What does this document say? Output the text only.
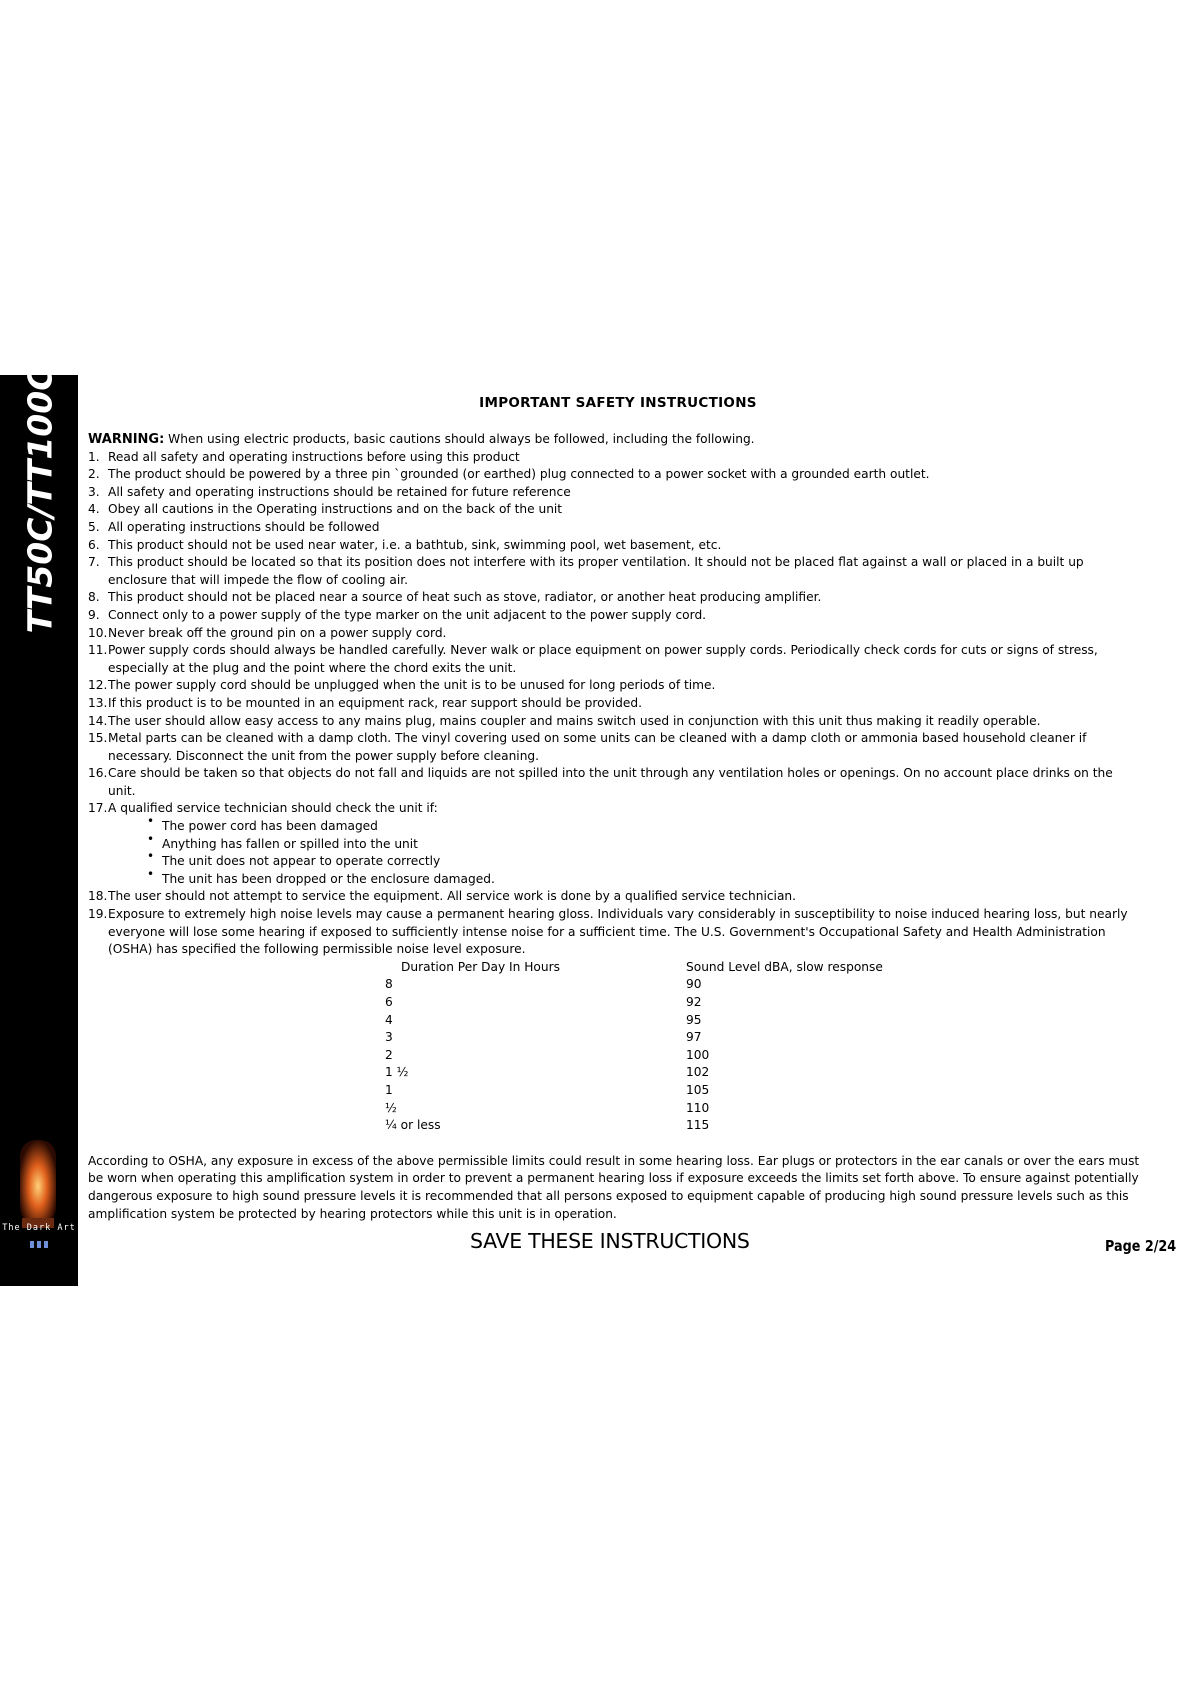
TT50C/TT100C
The Dark Art
IMPORTANT SAFETY INSTRUCTIONS

WARNING: When using electric products, basic cautions should always be followed, including the following.

1. Read all safety and operating instructions before using this product
2. The product should be powered by a three pin `grounded (or earthed) plug connected to a power socket with a grounded earth outlet.
3. All safety and operating instructions should be retained for future reference
4. Obey all cautions in the Operating instructions and on the back of the unit
5. All operating instructions should be followed
6. This product should not be used near water, i.e. a bathtub, sink, swimming pool, wet basement, etc.
7. This product should be located so that its position does not interfere with its proper ventilation. It should not be placed flat against a wall or placed in a built up enclosure that will impede the flow of cooling air.
8. This product should not be placed near a source of heat such as stove, radiator, or another heat producing amplifier.
9. Connect only to a power supply of the type marker on the unit adjacent to the power supply cord.
10. Never break off the ground pin on a power supply cord.
11. Power supply cords should always be handled carefully. Never walk or place equipment on power supply cords. Periodically check cords for cuts or signs of stress, especially at the plug and the point where the chord exits the unit.
12. The power supply cord should be unplugged when the unit is to be unused for long periods of time.
13. If this product is to be mounted in an equipment rack, rear support should be provided.
14. The user should allow easy access to any mains plug, mains coupler and mains switch used in conjunction with this unit thus making it readily operable.
15. Metal parts can be cleaned with a damp cloth. The vinyl covering used on some units can be cleaned with a damp cloth or ammonia based household cleaner if necessary. Disconnect the unit from the power supply before cleaning.
16. Care should be taken so that objects do not fall and liquids are not spilled into the unit through any ventilation holes or openings. On no account place drinks on the unit.
17. A qualified service technician should check the unit if:
• The power cord has been damaged
• Anything has fallen or spilled into the unit
• The unit does not appear to operate correctly
• The unit has been dropped or the enclosure damaged.
18. The user should not attempt to service the equipment. All service work is done by a qualified service technician.
19. Exposure to extremely high noise levels may cause a permanent hearing gloss. Individuals vary considerably in susceptibility to noise induced hearing loss, but nearly everyone will lose some hearing if exposed to sufficiently intense noise for a sufficient time. The U.S. Government's Occupational Safety and Health Administration (OSHA) has specified the following permissible noise level exposure.
Duration Per Day In Hours	Sound Level dBA, slow response
8	90
6	92
4	95
3	97
2	100
1 ½	102
1	105
½	110
¼ or less	115

According to OSHA, any exposure in excess of the above permissible limits could result in some hearing loss. Ear plugs or protectors in the ear canals or over the ears must be worn when operating this amplification system in order to prevent a permanent hearing loss if exposure exceeds the limits set forth above. To ensure against potentially dangerous exposure to high sound pressure levels it is recommended that all persons exposed to equipment capable of producing high sound pressure levels such as this amplification system be protected by hearing protectors while this unit is in operation.

SAVE THESE INSTRUCTIONS	Page 2/24
